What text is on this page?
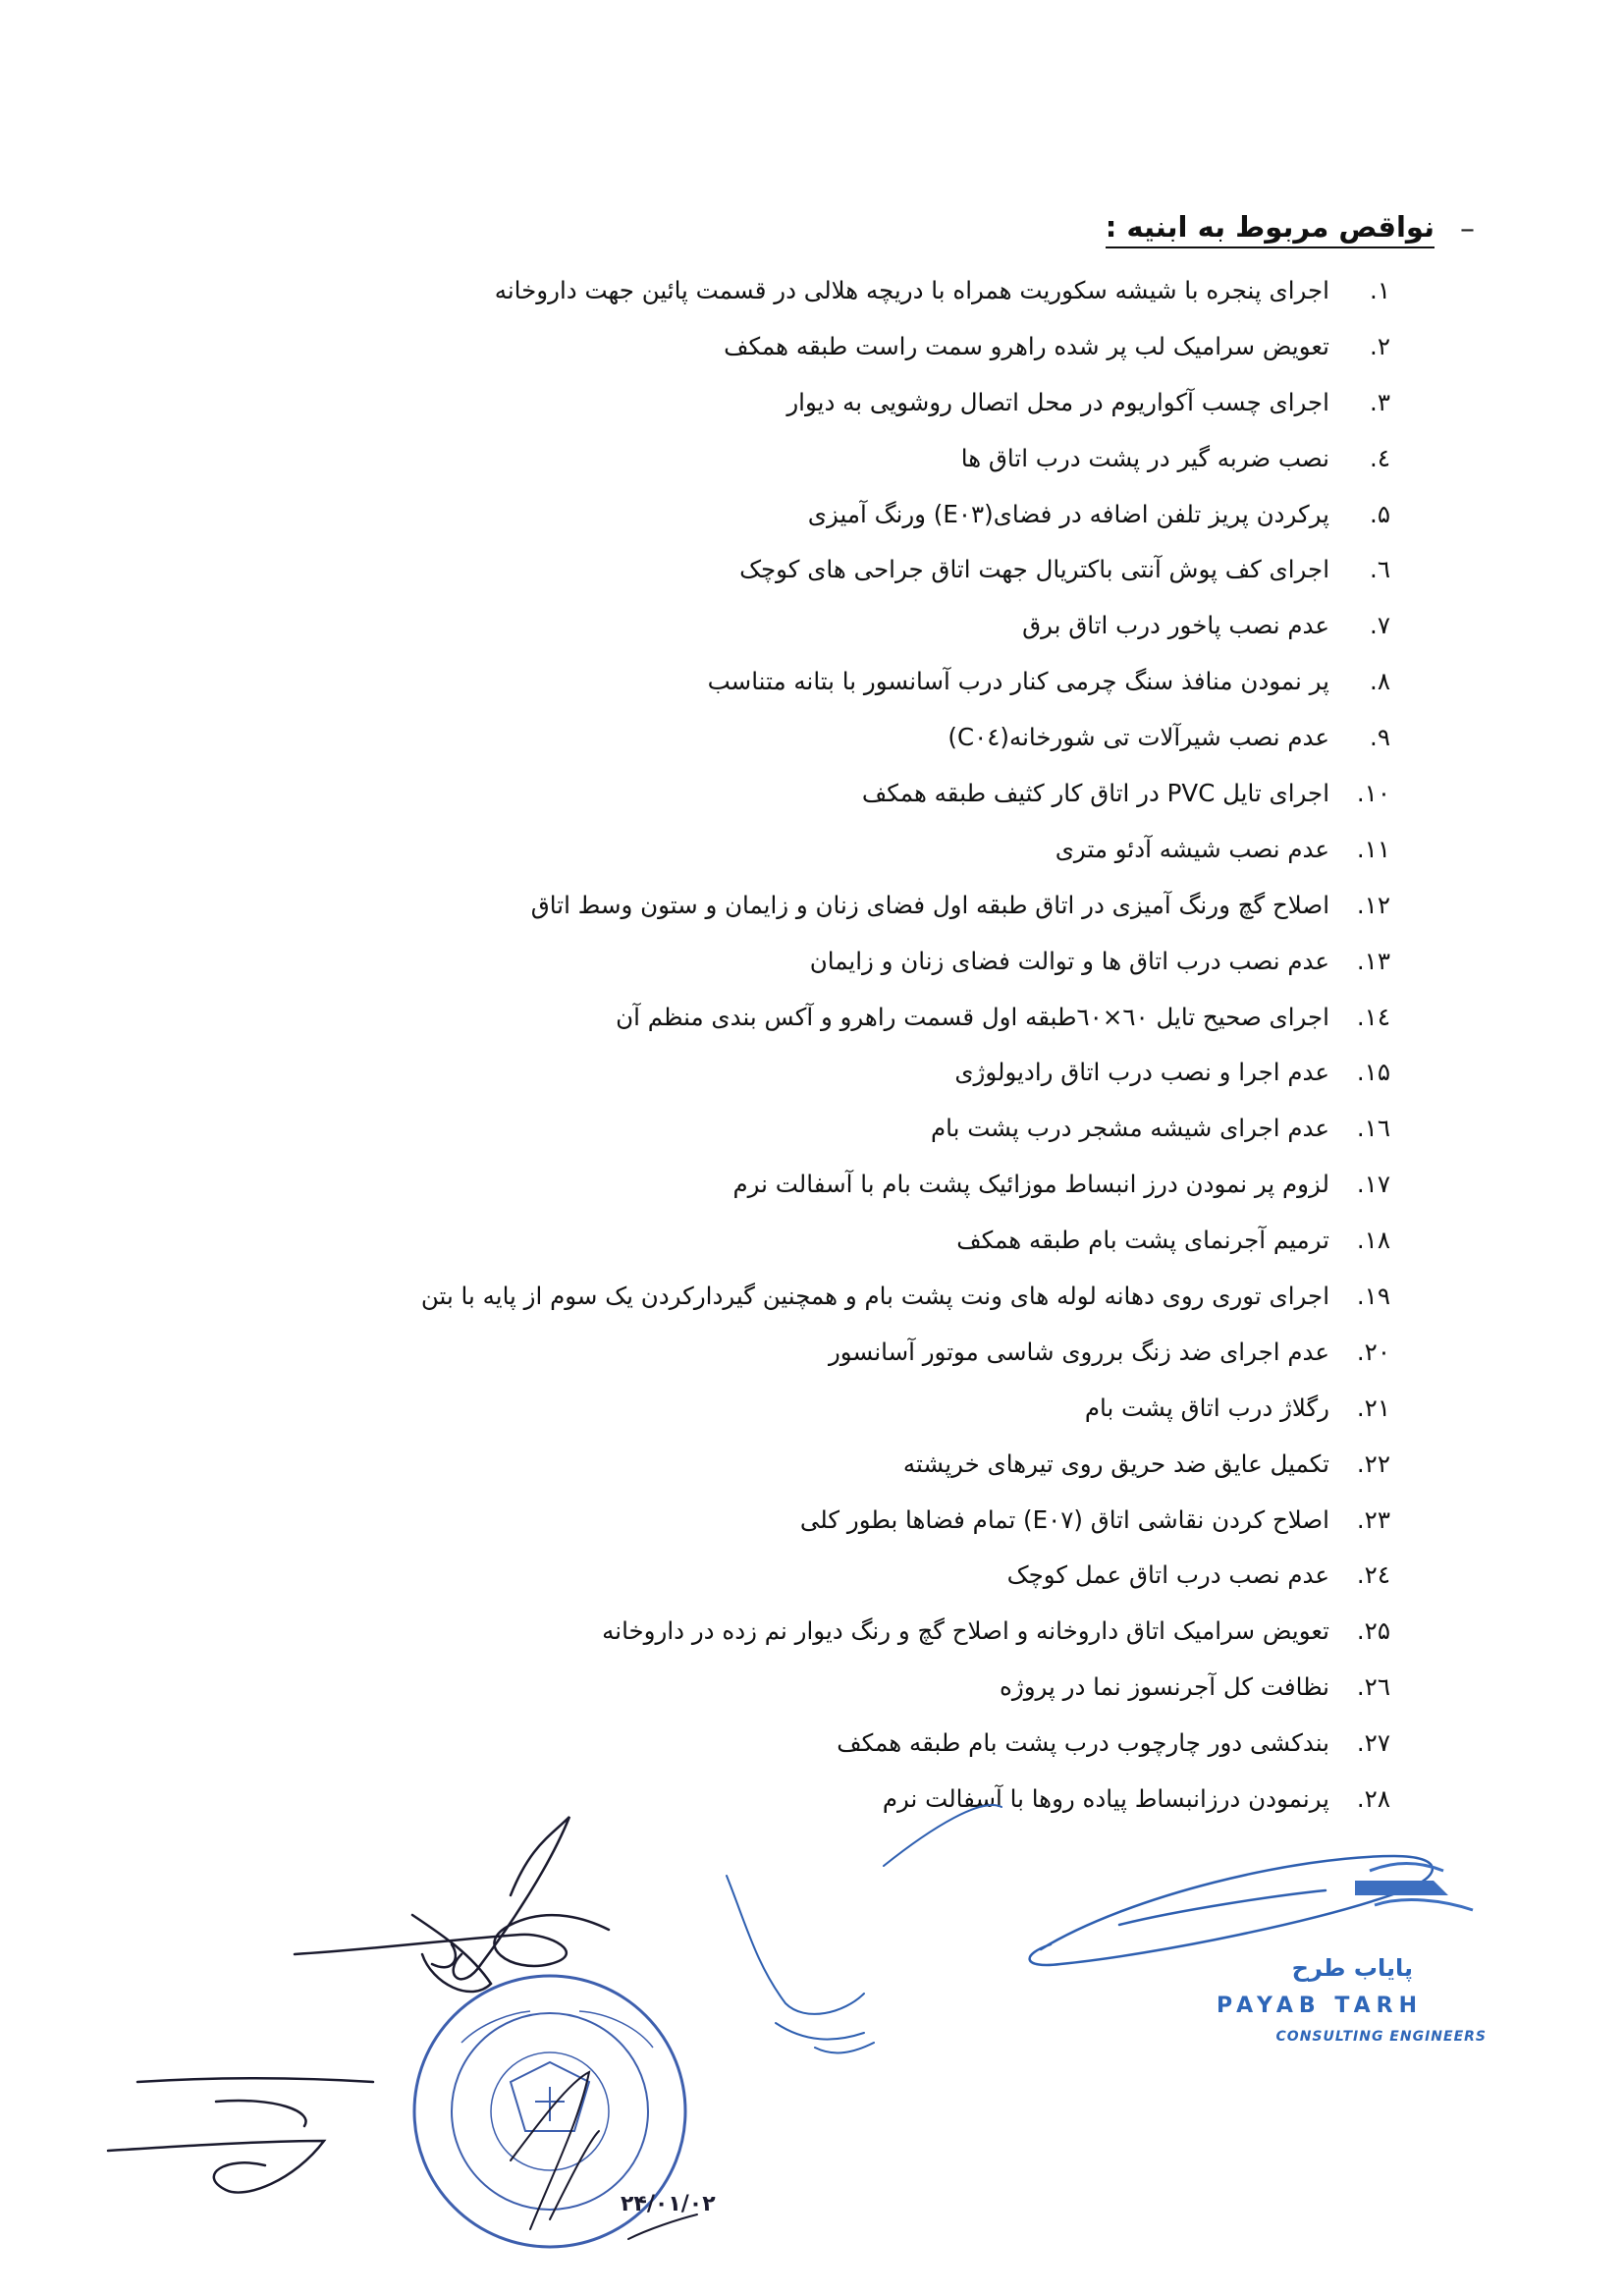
–
نواقص مربوط به ابنیه :
۱.
اجرای پنجره با شیشه سکوریت همراه با دریچه هلالی در قسمت پائین جهت داروخانه
۲.
تعویض سرامیک لب پر شده راهرو سمت راست طبقه همکف
۳.
اجرای چسب آکواریوم در محل اتصال روشویی به دیوار
٤.
نصب ضربه گیر در پشت درب اتاق ها
۵.
پرکردن پریز تلفن اضافه در فضای(E۰۳) ورنگ آمیزی
٦.
اجرای کف پوش آنتی باکتریال جهت اتاق جراحی های کوچک
۷.
عدم نصب پاخور درب اتاق برق
۸.
پر نمودن منافذ سنگ چرمی کنار درب آسانسور با بتانه متناسب
۹.
عدم نصب شیرآلات تی شورخانه(C۰٤)
۱۰.
اجرای تایل PVC در اتاق کار کثیف طبقه همکف
۱۱.
عدم نصب شیشه آدئو متری
۱۲.
اصلاح گچ ورنگ آمیزی در اتاق طبقه اول فضای زنان و زایمان و ستون وسط اتاق
۱۳.
عدم نصب درب اتاق ها و توالت فضای زنان و زایمان
۱٤.
اجرای صحیح تایل ٦۰×٦۰طبقه اول قسمت راهرو و آکس بندی منظم آن
۱۵.
عدم اجرا و نصب درب اتاق رادیولوژی
۱٦.
عدم اجرای شیشه مشجر درب پشت بام
۱۷.
لزوم پر نمودن درز انبساط موزائیک پشت بام با آسفالت نرم
۱۸.
ترمیم آجرنمای پشت بام طبقه همکف
۱۹.
اجرای توری روی دهانه لوله های ونت پشت بام و همچنین گیردارکردن یک سوم از پایه با بتن
۲۰.
عدم اجرای ضد زنگ برروی شاسی موتور آسانسور
۲۱.
رگلاژ درب اتاق پشت بام
۲۲.
تکمیل عایق ضد حریق روی تیرهای خرپشته
۲۳.
اصلاح کردن نقاشی اتاق (E۰۷) تمام فضاها بطور کلی
۲٤.
عدم نصب درب اتاق عمل کوچک
۲۵.
تعویض سرامیک اتاق داروخانه و اصلاح گچ و رنگ دیوار نم زده در داروخانه
۲٦.
نظافت کل آجرنسوز نما در پروژه
۲۷.
بندکشی دور چارچوب درب پشت بام طبقه همکف
۲۸.
پرنمودن درزانبساط پیاده روها با آسفالت نرم
پایاب طرح
PAYAB TARH
CONSULTING ENGINEERS
۲۴/۰۱/۰۲
